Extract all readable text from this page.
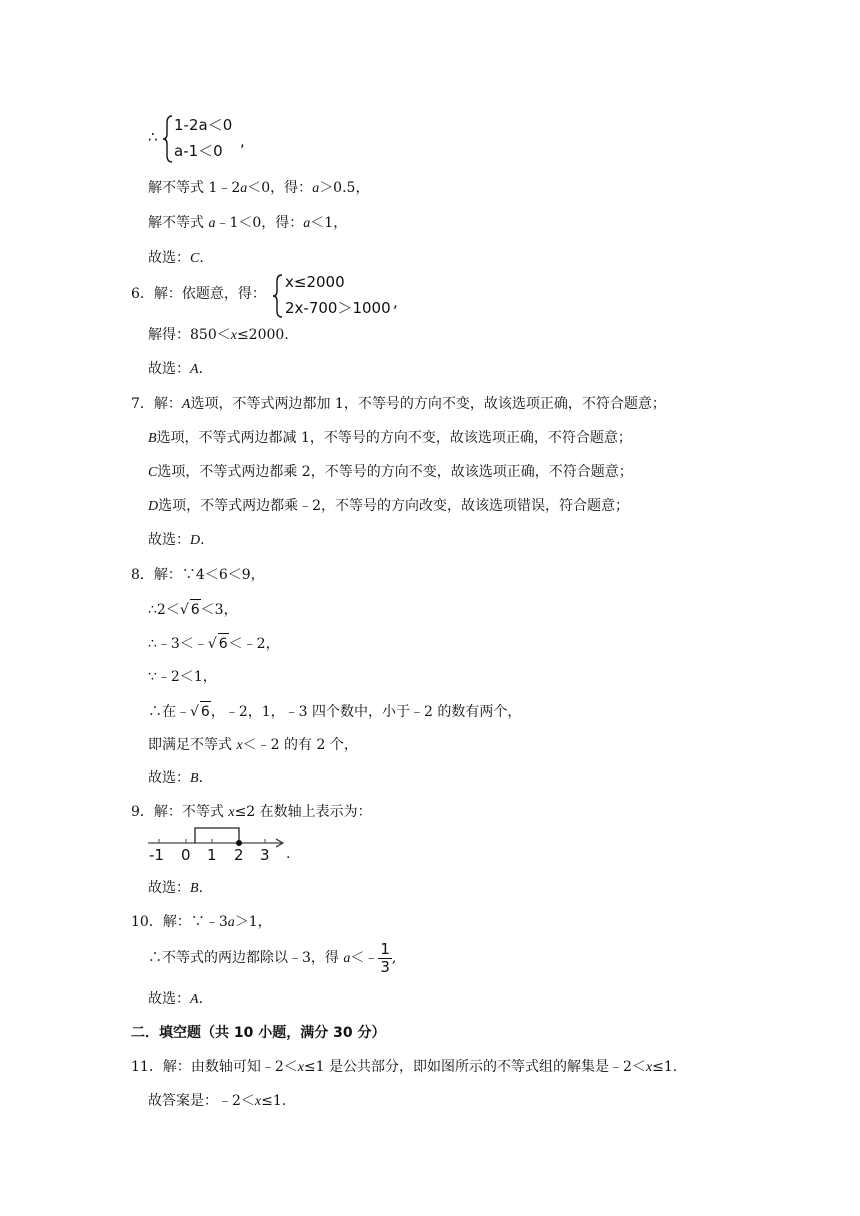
∴
1-2a＜0
a-1＜0
,
解不等式 1﹣2a＜0，得：a＞0.5，
解不等式 a﹣1＜0，得：a＜1，
故选：C.
6．解：依题意，得：
x≤2000
2x-700＞1000 ,
解得：850＜x≤2000.
故选：A.
7．解：A选项，不等式两边都加 1，不等号的方向不变，故该选项正确，不符合题意；
B选项，不等式两边都减 1，不等号的方向不变，故该选项正确，不符合题意；
C选项，不等式两边都乘 2，不等号的方向不变，故该选项正确，不符合题意；
D选项，不等式两边都乘﹣2，不等号的方向改变，故该选项错误，符合题意；
故选：D.
8．解：∵4＜6＜9，
∴2＜√ 6＜3，
∴﹣3＜﹣√ 6＜﹣2，
∵﹣2＜1，
∴在﹣√ 6，﹣2，1，﹣3 四个数中，小于﹣2 的数有两个，
即满足不等式 x＜﹣2 的有 2 个，
故选：B.
9．解：不等式 x≤2 在数轴上表示为：
-1 0 1 2 3 .
故选：B.
10．解：∵﹣3a＞1，
∴不等式的两边都除以﹣3，得 a＜﹣ $\frac{1}{3}$ ,
故选：A.
二．填空题（共 10 小题，满分 30 分）
11．解：由数轴可知﹣2＜x≤1 是公共部分，即如图所示的不等式组的解集是﹣2＜x≤1.
故答案是：﹣2＜x≤1.
